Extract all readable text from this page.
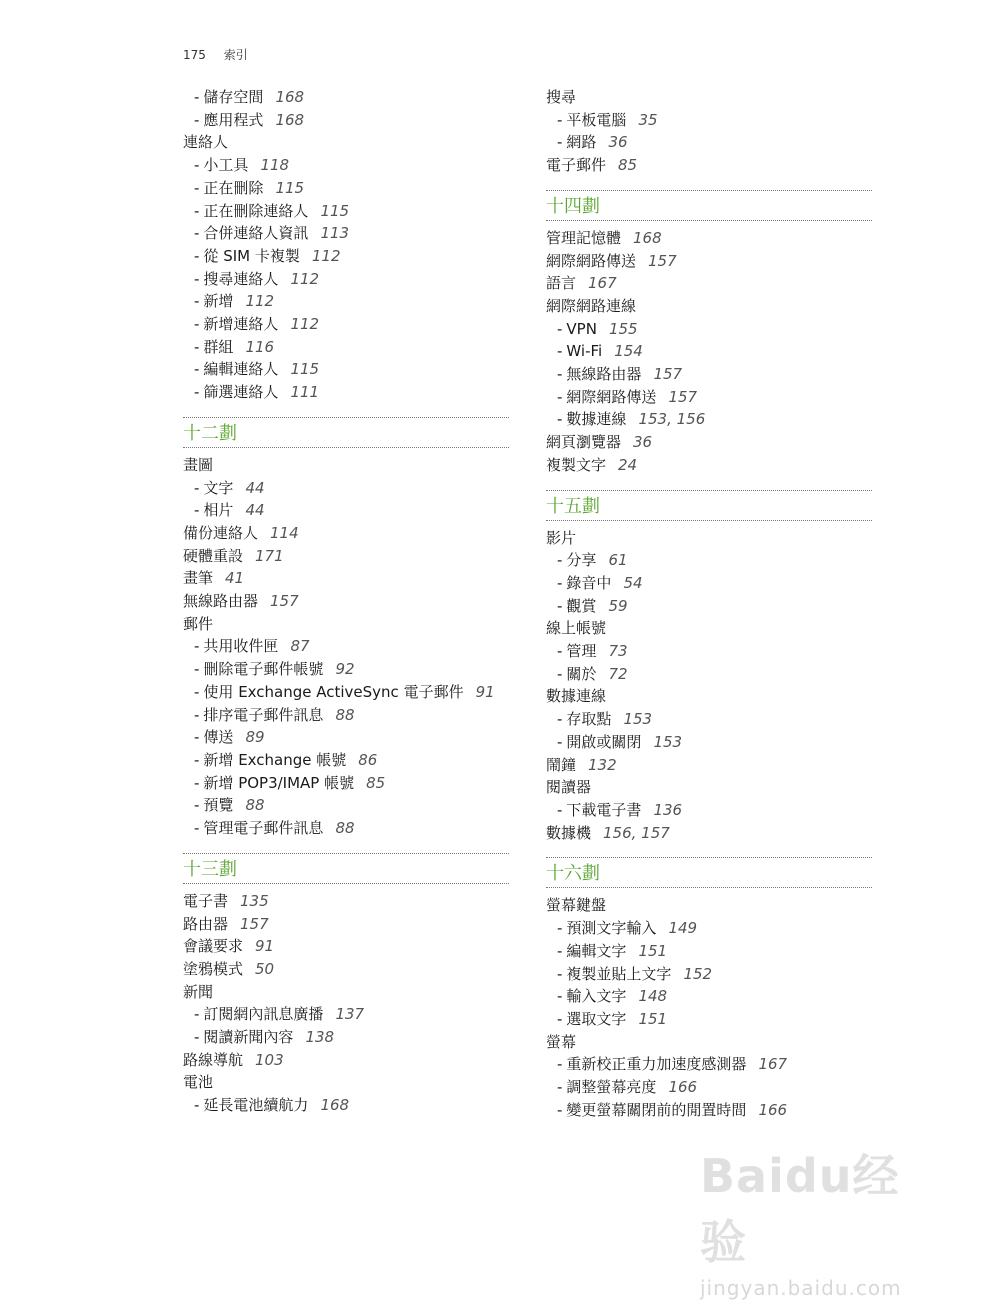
175 索引
- 儲存空間 168
- 應用程式 168
連絡人
- 小工具 118
- 正在刪除 115
- 正在刪除連絡人 115
- 合併連絡人資訊 113
- 從 SIM 卡複製 112
- 搜尋連絡人 112
- 新增 112
- 新增連絡人 112
- 群組 116
- 編輯連絡人 115
- 篩選連絡人 111
十二劃
畫圖
- 文字 44
- 相片 44
備份連絡人 114
硬體重設 171
畫筆 41
無線路由器 157
郵件
- 共用收件匣 87
- 刪除電子郵件帳號 92
- 使用 Exchange ActiveSync 電子郵件 91
- 排序電子郵件訊息 88
- 傳送 89
- 新增 Exchange 帳號 86
- 新增 POP3/IMAP 帳號 85
- 預覽 88
- 管理電子郵件訊息 88
十三劃
電子書 135
路由器 157
會議要求 91
塗鴉模式 50
新聞
- 訂閱網內訊息廣播 137
- 閱讀新聞內容 138
路線導航 103
電池
- 延長電池續航力 168
搜尋
- 平板電腦 35
- 網路 36
電子郵件 85
十四劃
管理記憶體 168
網際網路傳送 157
語言 167
網際網路連線
- VPN 155
- Wi-Fi 154
- 無線路由器 157
- 網際網路傳送 157
- 數據連線 153, 156
網頁瀏覽器 36
複製文字 24
十五劃
影片
- 分享 61
- 錄音中 54
- 觀賞 59
線上帳號
- 管理 73
- 關於 72
數據連線
- 存取點 153
- 開啟或關閉 153
鬧鐘 132
閱讀器
- 下載電子書 136
數據機 156, 157
十六劃
螢幕鍵盤
- 預測文字輸入 149
- 編輯文字 151
- 複製並貼上文字 152
- 輸入文字 148
- 選取文字 151
螢幕
- 重新校正重力加速度感測器 167
- 調整螢幕亮度 166
- 變更螢幕關閉前的閒置時間 166
Baidu经验
jingyan.baidu.com
